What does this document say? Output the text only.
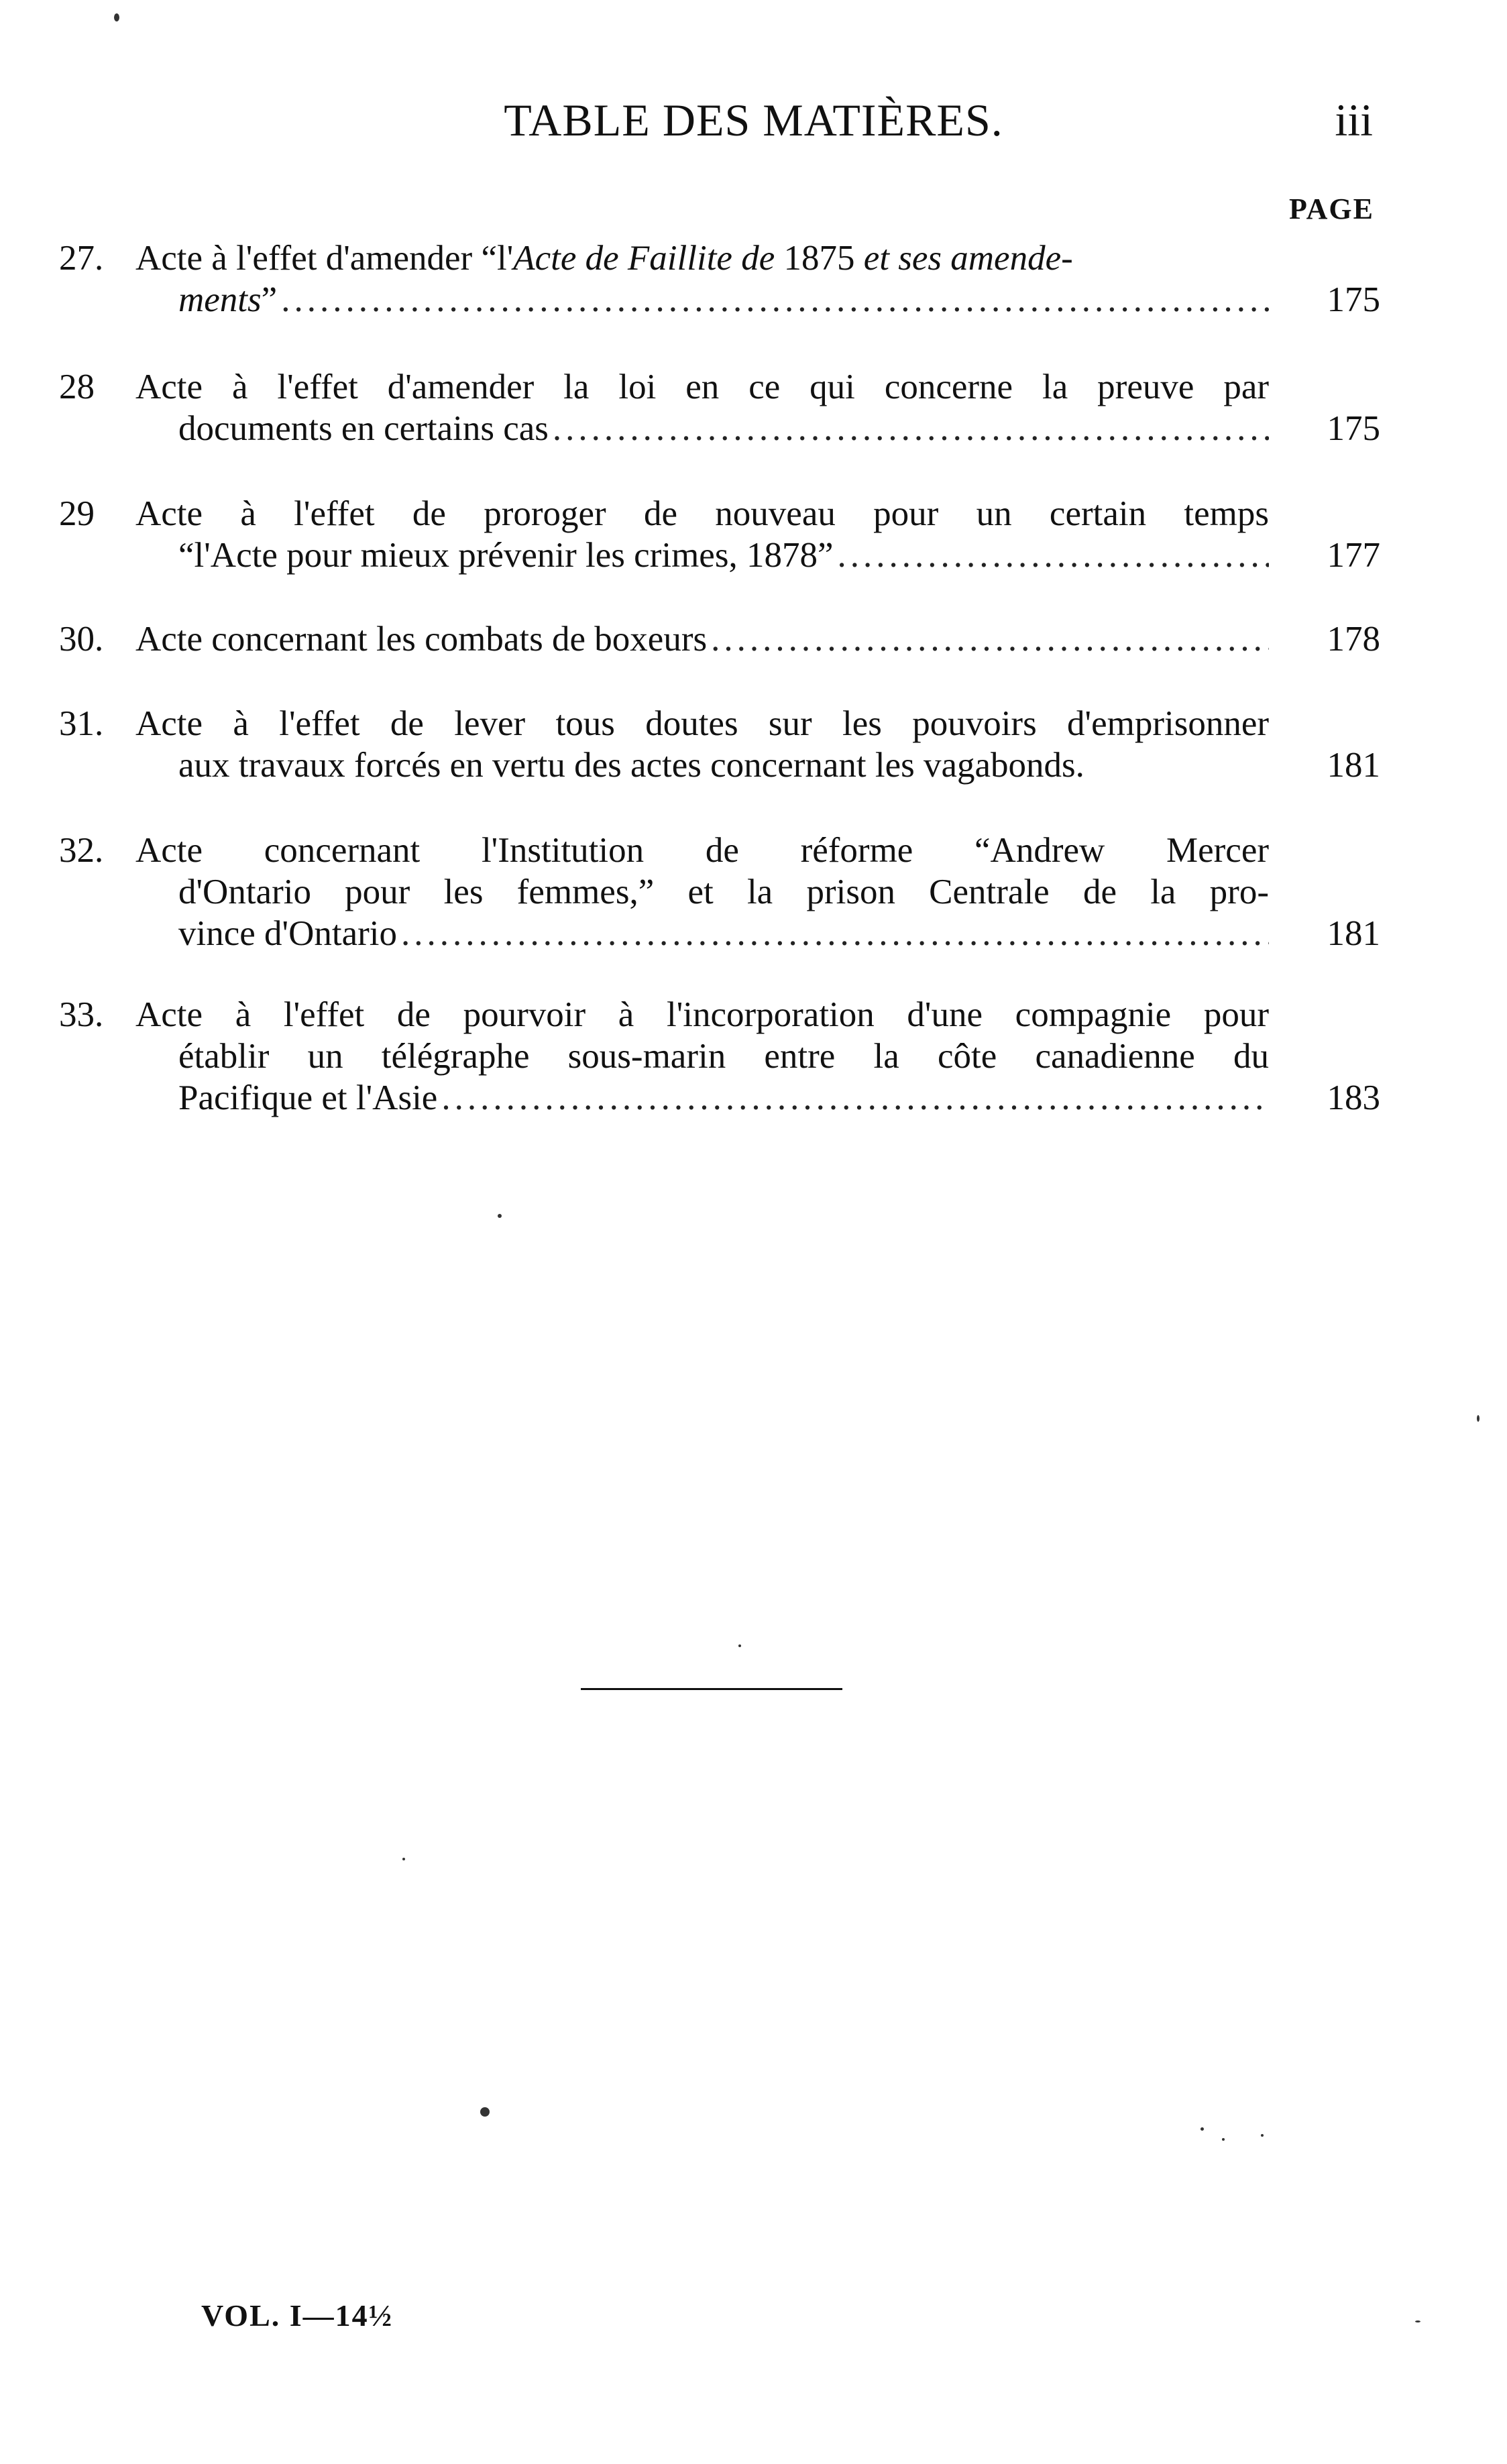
TABLE DES MATIÈRES.	iii
PAGE
27. Acte à l'effet d'amender “l'Acte de Faillite de 1875 et ses amende-
ments” .....	175
28	Acte à l'effet d'amender la loi en ce qui concerne la preuve par
documents en certains cas .....	175
29	Acte à l'effet de proroger de nouveau pour un certain temps
“l'Acte pour mieux prévenir les crimes, 1878” .....	177
30. Acte concernant les combats de boxeurs .....	178
31. Acte à l'effet de lever tous doutes sur les pouvoirs d'emprisonner
aux travaux forcés en vertu des actes concernant les vagabonds.	181
32. Acte concernant l'Institution de réforme “Andrew Mercer
d'Ontario pour les femmes,” et la prison Centrale de la pro-
vince d'Ontario .....	181
33. Acte à l'effet de pourvoir à l'incorporation d'une compagnie pour
établir un télégraphe sous-marin entre la côte canadienne du
Pacifique et l'Asie .....	183
VOL. I—14½
